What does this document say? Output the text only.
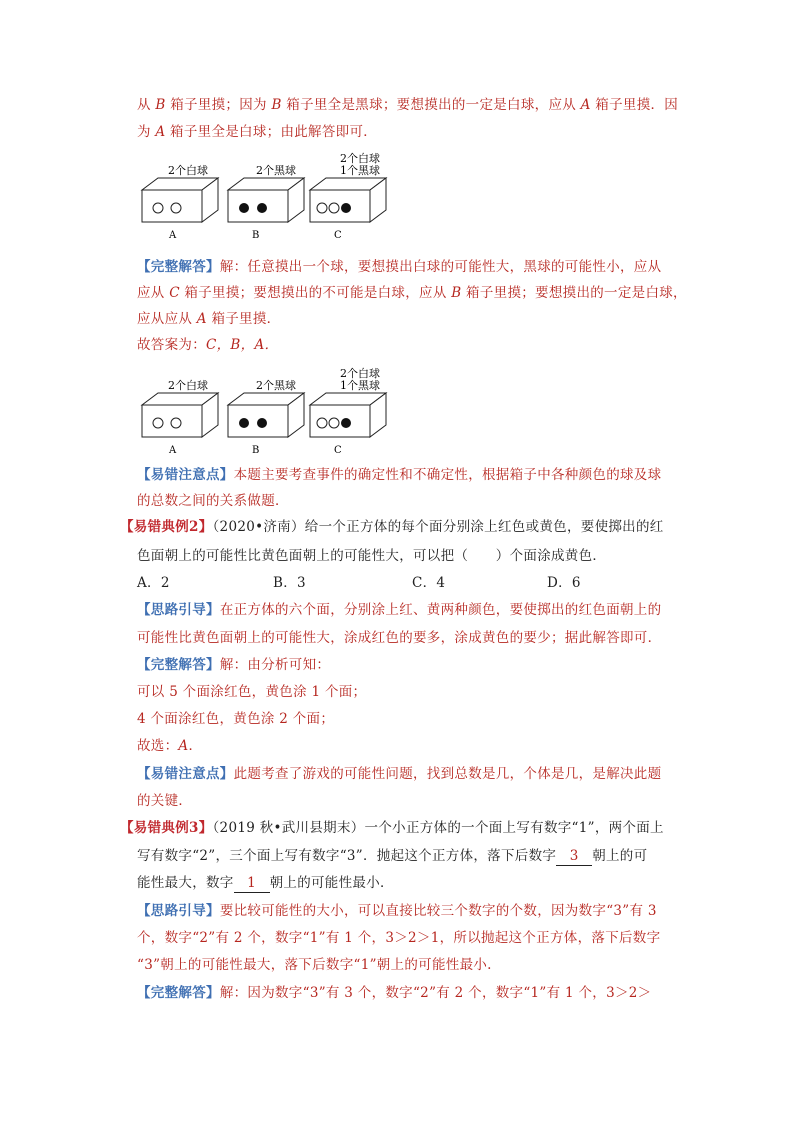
从 B 箱子里摸；因为 B 箱子里全是黑球；要想摸出的一定是白球，应从 A 箱子里摸．因
为 A 箱子里全是白球；由此解答即可．
2个白球
A
2个黑球
B
2个白球
1个黑球
C
【完整解答】解：任意摸出一个球，要想摸出白球的可能性大，黑球的可能性小，应从
应从 C 箱子里摸；要想摸出的不可能是白球，应从 B 箱子里摸；要想摸出的一定是白球，
应从应从 A 箱子里摸．
故答案为：C，B，A．
2个白球
A
2个黑球
B
2个白球
1个黑球
C
【易错注意点】本题主要考查事件的确定性和不确定性，根据箱子中各种颜色的球及球
的总数之间的关系做题．
【易错典例2】（2020•济南）给一个正方体的每个面分别涂上红色或黄色，要使掷出的红
色面朝上的可能性比黄色面朝上的可能性大，可以把（　　）个面涂成黄色．
A．2	B．3	C．4	D．6
【思路引导】在正方体的六个面，分别涂上红、黄两种颜色，要使掷出的红色面朝上的
可能性比黄色面朝上的可能性大，涂成红色的要多，涂成黄色的要少；据此解答即可．
【完整解答】解：由分析可知：
可以 5 个面涂红色，黄色涂 1 个面；
4 个面涂红色，黄色涂 2 个面；
故选：A．
【易错注意点】此题考查了游戏的可能性问题，找到总数是几，个体是几，是解决此题
的关键．
【易错典例3】（2019 秋•武川县期末）一个小正方体的一个面上写有数字“1”，两个面上
写有数字“2”，三个面上写有数字“3”．抛起这个正方体，落下后数字 3 朝上的可
能性最大，数字 1 朝上的可能性最小．
【思路引导】要比较可能性的大小，可以直接比较三个数字的个数，因为数字“3”有 3
个，数字“2”有 2 个，数字“1”有 1 个，3＞2＞1，所以抛起这个正方体，落下后数字
“3”朝上的可能性最大，落下后数字“1”朝上的可能性最小.
【完整解答】解：因为数字“3”有 3 个，数字“2”有 2 个，数字“1”有 1 个，3＞2＞
